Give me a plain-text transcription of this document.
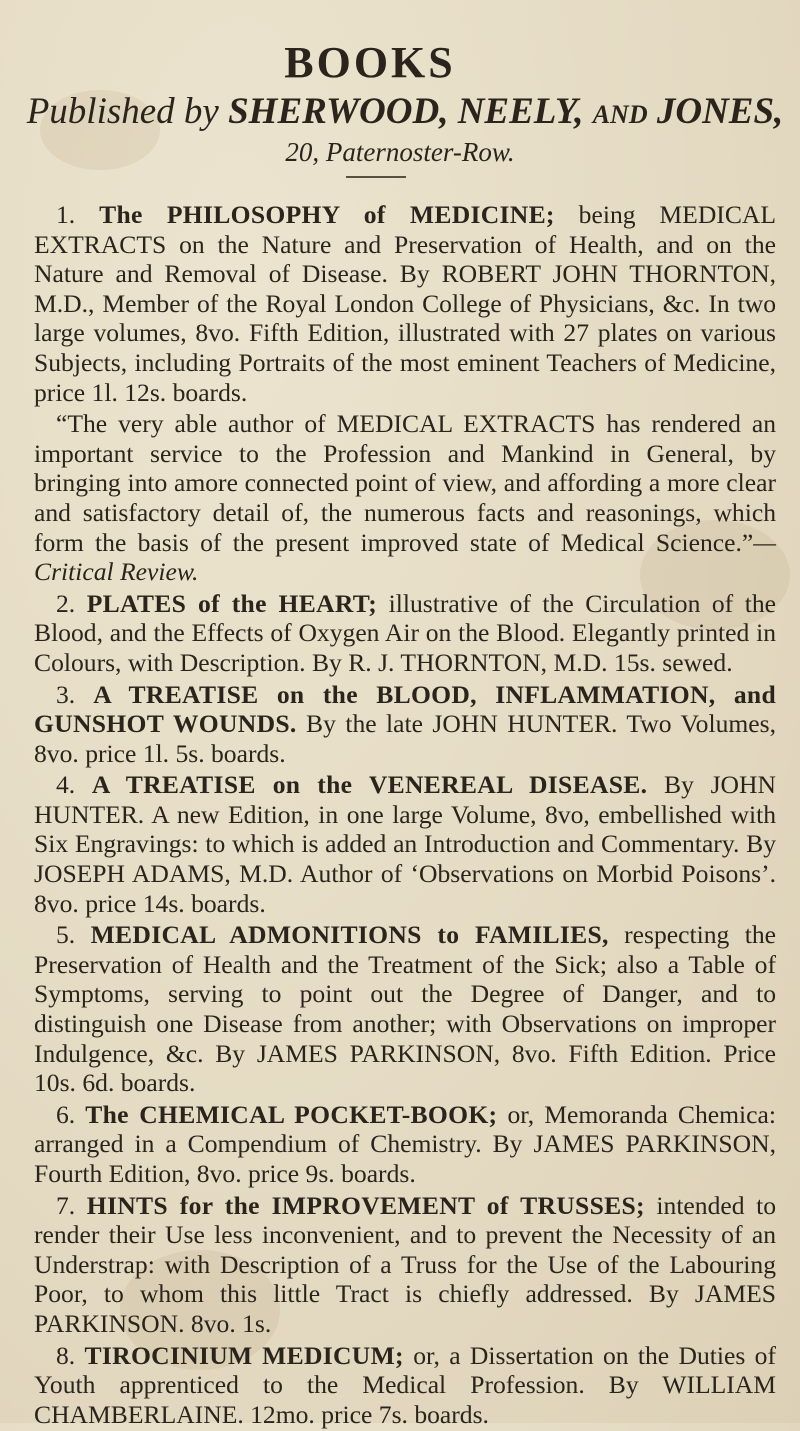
BOOKS
Published by SHERWOOD, NEELY, and JONES,
20, Paternoster-Row.

1. The PHILOSOPHY of MEDICINE; being MEDICAL EXTRACTS on the Nature and Preservation of Health, and on the Nature and Removal of Disease. By ROBERT JOHN THORNTON, M.D., Member of the Royal London College of Physicians, &c. In two large volumes, 8vo. Fifth Edition, illustrated with 27 plates on various Subjects, including Portraits of the most eminent Teachers of Medicine, price 1l. 12s. boards.

“The very able author of MEDICAL EXTRACTS has rendered an important service to the Profession and Mankind in General, by bringing into amore connected point of view, and affording a more clear and satisfactory detail of, the numerous facts and reasonings, which form the basis of the present improved state of Medical Science.”—Critical Review.

2. PLATES of the HEART; illustrative of the Circulation of the Blood, and the Effects of Oxygen Air on the Blood. Elegantly printed in Colours, with Description. By R. J. THORNTON, M.D. 15s. sewed.

3. A TREATISE on the BLOOD, INFLAMMATION, and GUNSHOT WOUNDS. By the late JOHN HUNTER. Two Volumes, 8vo. price 1l. 5s. boards.

4. A TREATISE on the VENEREAL DISEASE. By JOHN HUNTER. A new Edition, in one large Volume, 8vo, embellished with Six Engravings: to which is added an Introduction and Commentary. By JOSEPH ADAMS, M.D. Author of ‘Observations on Morbid Poisons’. 8vo. price 14s. boards.

5. MEDICAL ADMONITIONS to FAMILIES, respecting the Preservation of Health and the Treatment of the Sick; also a Table of Symptoms, serving to point out the Degree of Danger, and to distinguish one Disease from another; with Observations on improper Indulgence, &c. By JAMES PARKINSON, 8vo. Fifth Edition. Price 10s. 6d. boards.

6. The CHEMICAL POCKET-BOOK; or, Memoranda Chemica: arranged in a Compendium of Chemistry. By JAMES PARKINSON, Fourth Edition, 8vo. price 9s. boards.

7. HINTS for the IMPROVEMENT of TRUSSES; intended to render their Use less inconvenient, and to prevent the Necessity of an Understrap: with Description of a Truss for the Use of the Labouring Poor, to whom this little Tract is chiefly addressed. By JAMES PARKINSON. 8vo. 1s.

8. TIROCINIUM MEDICUM; or, a Dissertation on the Duties of Youth apprenticed to the Medical Profession. By WILLIAM CHAMBERLAINE. 12mo. price 7s. boards.
